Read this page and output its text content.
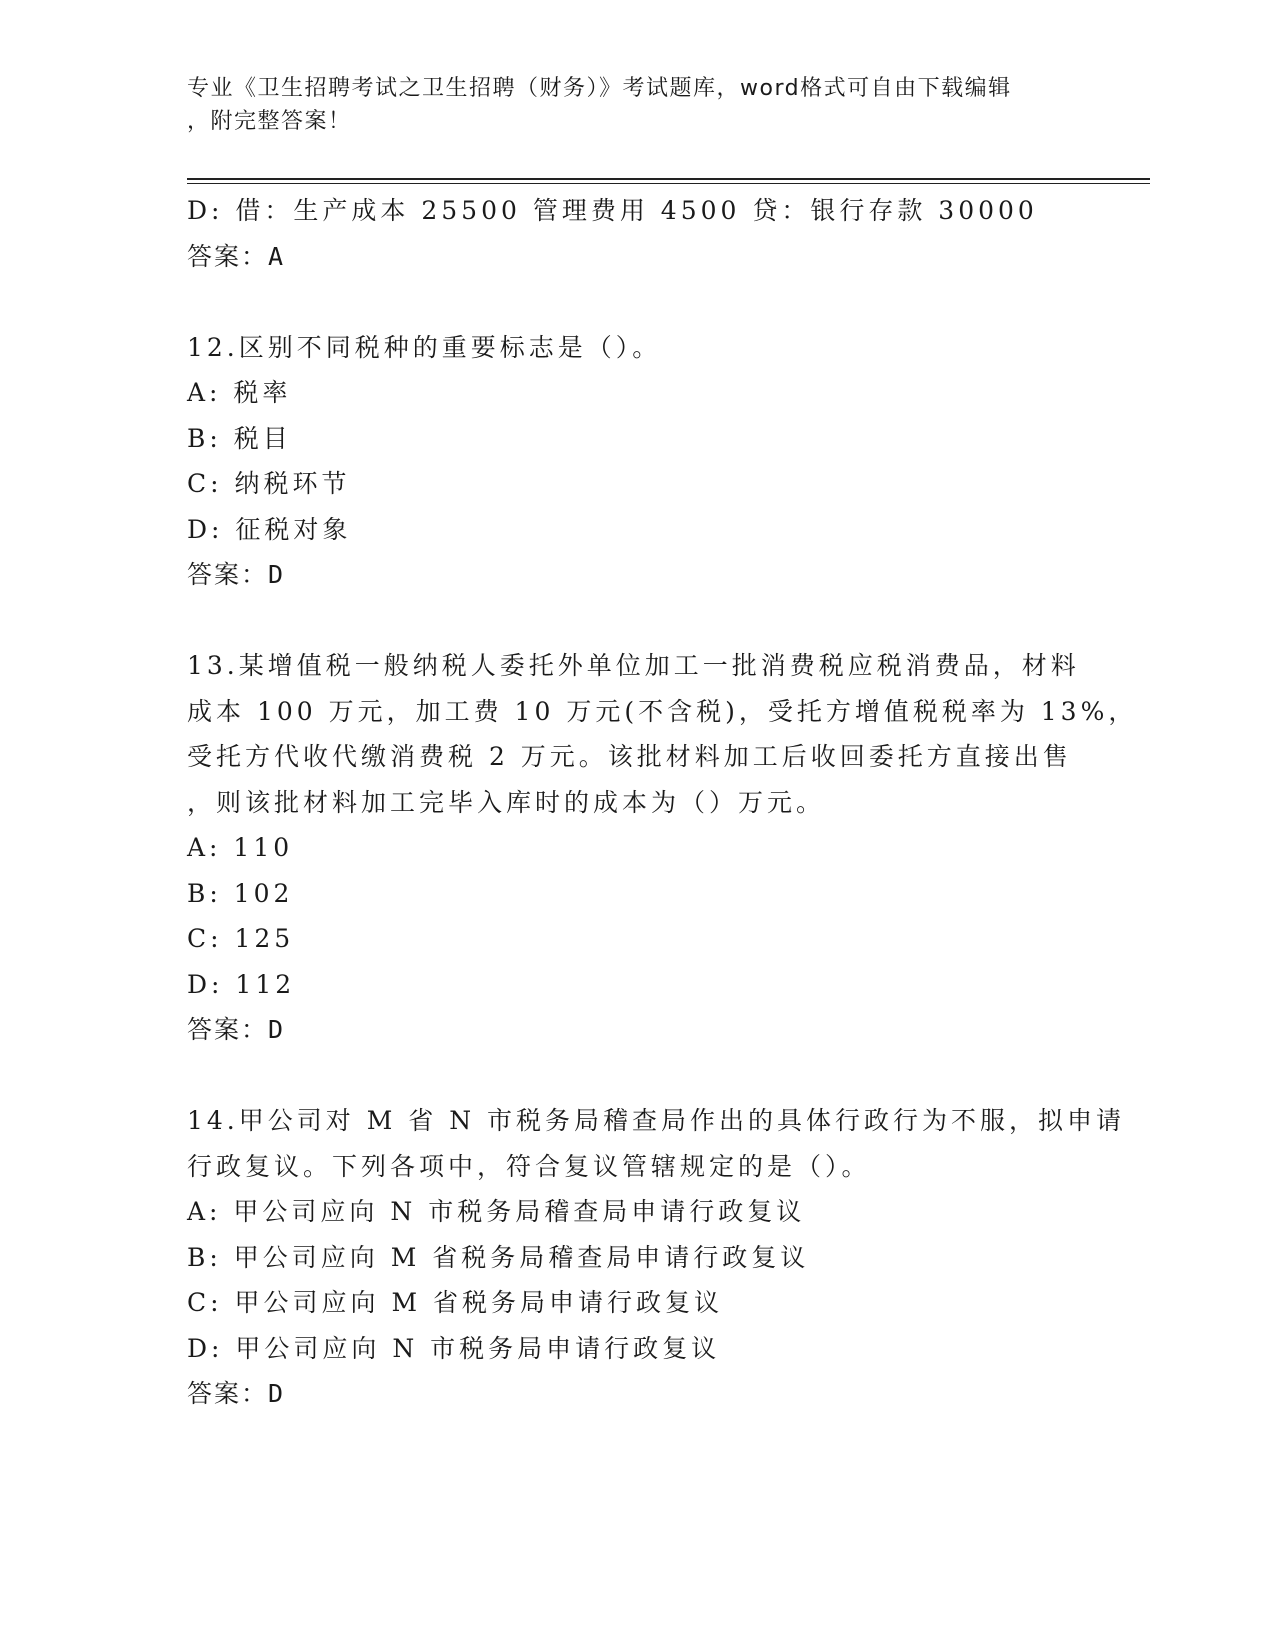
专业《卫生招聘考试之卫生招聘（财务）》考试题库，word格式可自由下载编辑
，附完整答案！
D: 借：生产成本 25500 管理费用 4500 贷：银行存款 30000
答案：A
12.区别不同税种的重要标志是（）。
A: 税率
B: 税目
C: 纳税环节
D: 征税对象
答案：D
13.某增值税一般纳税人委托外单位加工一批消费税应税消费品，材料
成本 100 万元，加工费 10 万元(不含税)，受托方增值税税率为 13%，
受托方代收代缴消费税 2 万元。该批材料加工后收回委托方直接出售
，则该批材料加工完毕入库时的成本为（）万元。
A: 110
B: 102
C: 125
D: 112
答案：D
14.甲公司对 M 省 N 市税务局稽查局作出的具体行政行为不服，拟申请
行政复议。下列各项中，符合复议管辖规定的是（）。
A: 甲公司应向 N 市税务局稽查局申请行政复议
B: 甲公司应向 M 省税务局稽查局申请行政复议
C: 甲公司应向 M 省税务局申请行政复议
D: 甲公司应向 N 市税务局申请行政复议
答案：D
